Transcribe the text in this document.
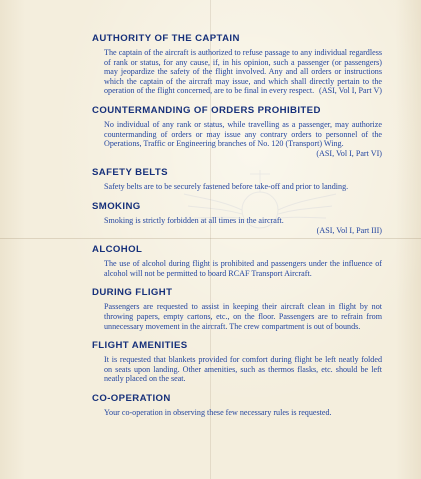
AUTHORITY OF THE CAPTAIN
The captain of the aircraft is authorized to refuse passage to any individual regardless of rank or status, for any cause, if, in his opinion, such a passenger (or passengers) may jeopardize the safety of the flight involved. Any and all orders or instructions which the captain of the aircraft may issue, and which shall directly pertain to the operation of the flight concerned, are to be final in every respect. (ASI, Vol I, Part V)
COUNTERMANDING OF ORDERS PROHIBITED
No individual of any rank or status, while travelling as a passenger, may authorize countermanding of orders or may issue any contrary orders to personnel of the Operations, Traffic or Engineering branches of No. 120 (Transport) Wing.
(ASI, Vol I, Part VI)
SAFETY BELTS
Safety belts are to be securely fastened before take-off and prior to landing.
SMOKING
Smoking is strictly forbidden at all times in the aircraft.
(ASI, Vol I, Part III)
ALCOHOL
The use of alcohol during flight is prohibited and passengers under the influence of alcohol will not be permitted to board RCAF Transport Aircraft.
DURING FLIGHT
Passengers are requested to assist in keeping their aircraft clean in flight by not throwing papers, empty cartons, etc., on the floor. Passengers are to refrain from unnecessary movement in the aircraft. The crew compartment is out of bounds.
FLIGHT AMENITIES
It is requested that blankets provided for comfort during flight be left neatly folded on seats upon landing. Other amenities, such as thermos flasks, etc. should be left neatly placed on the seat.
CO-OPERATION
Your co-operation in observing these few necessary rules is requested.
